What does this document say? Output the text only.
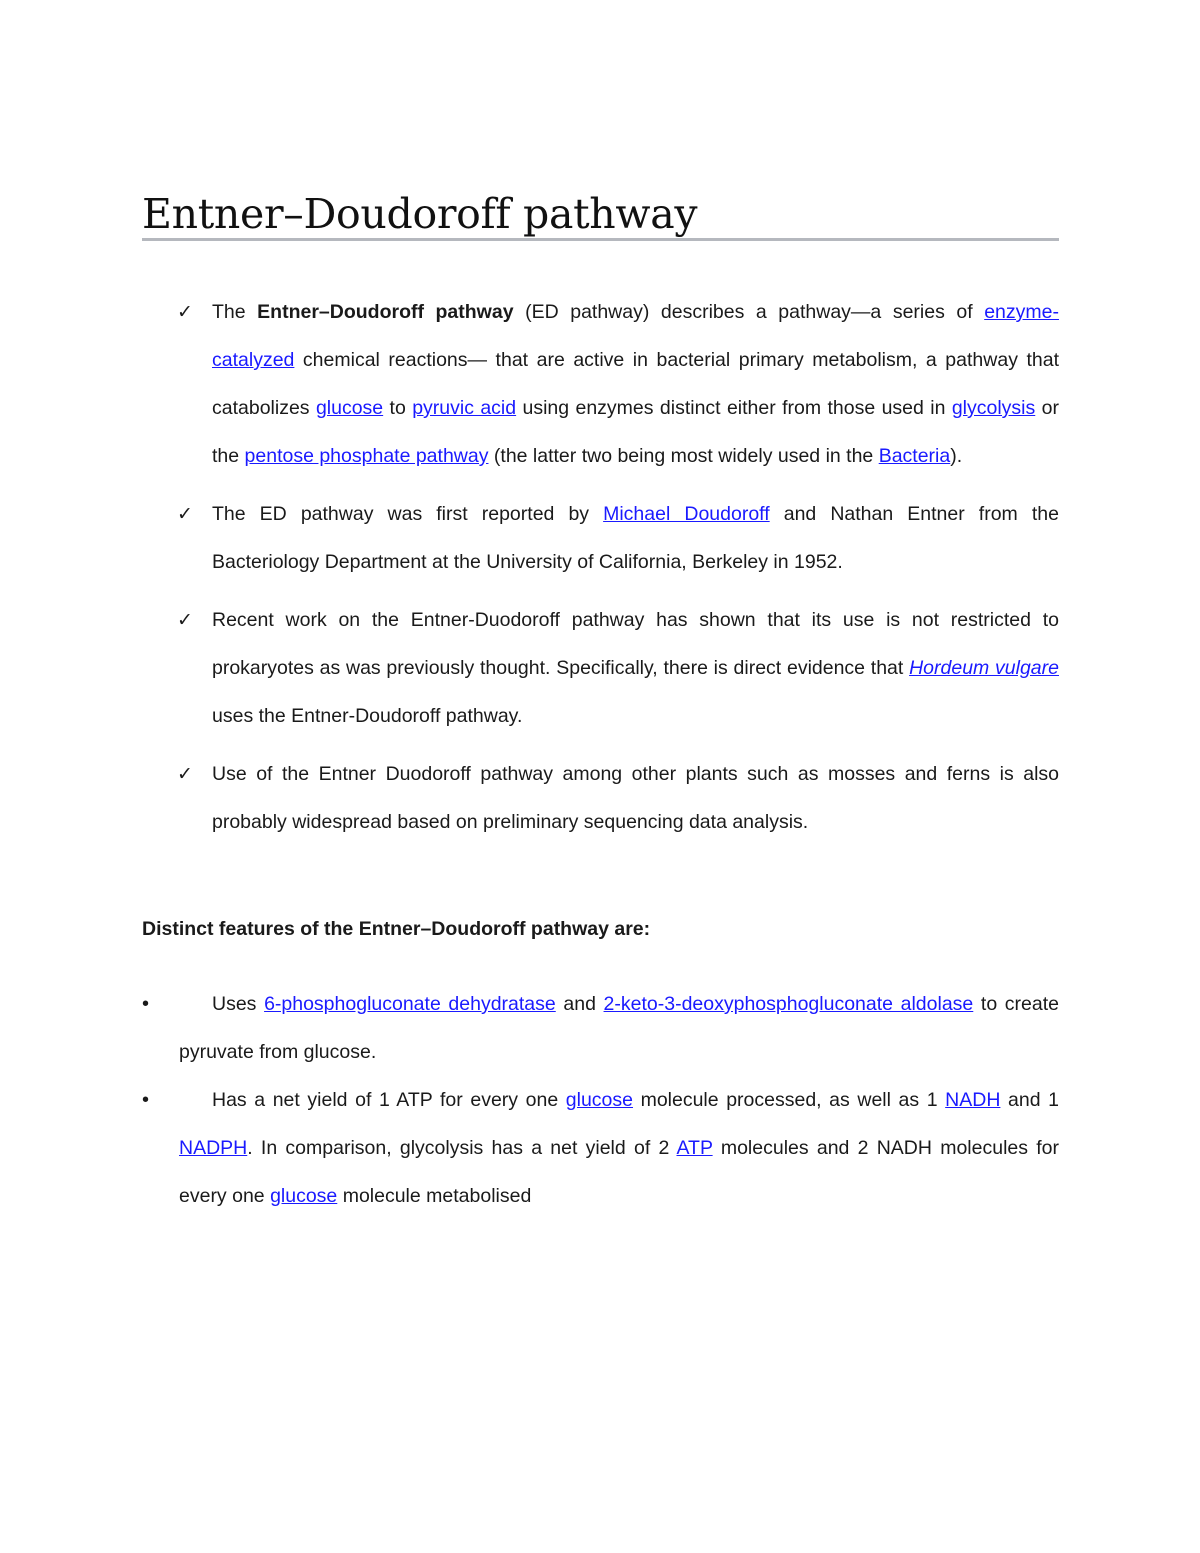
Entner–Doudoroff pathway
✓ The Entner–Doudoroff pathway (ED pathway) describes a pathway—a series of enzyme-catalyzed chemical reactions— that are active in bacterial primary metabolism, a pathway that catabolizes glucose to pyruvic acid using enzymes distinct either from those used in glycolysis or the pentose phosphate pathway (the latter two being most widely used in the Bacteria).
✓ The ED pathway was first reported by Michael Doudoroff and Nathan Entner from the Bacteriology Department at the University of California, Berkeley in 1952.
✓ Recent work on the Entner-Duodoroff pathway has shown that its use is not restricted to prokaryotes as was previously thought. Specifically, there is direct evidence that Hordeum vulgare uses the Entner-Doudoroff pathway.
✓ Use of the Entner Duodoroff pathway among other plants such as mosses and ferns is also probably widespread based on preliminary sequencing data analysis.

Distinct features of the Entner–Doudoroff pathway are:

•	Uses 6-phosphogluconate dehydratase and 2-keto-3-deoxyphosphogluconate aldolase to create pyruvate from glucose.
•	Has a net yield of 1 ATP for every one glucose molecule processed, as well as 1 NADH and 1 NADPH. In comparison, glycolysis has a net yield of 2 ATP molecules and 2 NADH molecules for every one glucose molecule metabolised
